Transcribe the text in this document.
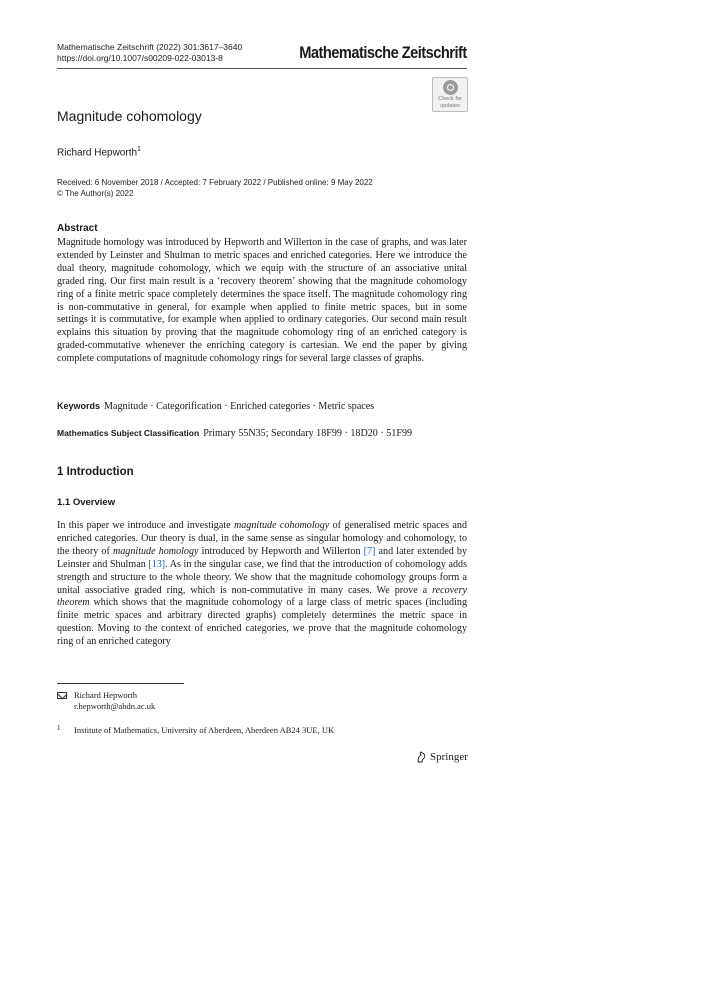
Mathematische Zeitschrift (2022) 301:3617–3640
https://doi.org/10.1007/s00209-022-03013-8	Mathematische Zeitschrift
Check for
updates
Magnitude cohomology
Richard Hepworth$^1$
Received: 6 November 2018 / Accepted: 7 February 2022 / Published online: 9 May 2022
© The Author(s) 2022
Abstract
Magnitude homology was introduced by Hepworth and Willerton in the case of graphs, and was later extended by Leinster and Shulman to metric spaces and enriched categories. Here we introduce the dual theory, magnitude cohomology, which we equip with the structure of an associative unital graded ring. Our first main result is a ‘recovery theorem’ showing that the magnitude cohomology ring of a finite metric space completely determines the space itself. The magnitude cohomology ring is non-commutative in general, for example when applied to finite metric spaces, but in some settings it is commutative, for example when applied to ordinary categories. Our second main result explains this situation by proving that the magnitude cohomology ring of an enriched category is graded-commutative whenever the enriching category is cartesian. We end the paper by giving complete computations of magnitude cohomology rings for several large classes of graphs.
Keywords Magnitude · Categorification · Enriched categories · Metric spaces
Mathematics Subject Classification Primary 55N35; Secondary 18F99 · 18D20 · 51F99
1 Introduction
1.1 Overview
In this paper we introduce and investigate magnitude cohomology of generalised metric spaces and enriched categories. Our theory is dual, in the same sense as singular homology and cohomology, to the theory of magnitude homology introduced by Hepworth and Willerton [7] and later extended by Leinster and Shulman [13]. As in the singular case, we find that the introduction of cohomology adds strength and structure to the whole theory. We show that the magnitude cohomology groups form a unital associative graded ring, which is non-commutative in many cases. We prove a recovery theorem which shows that the magnitude cohomology of a large class of metric spaces (including finite metric spaces and arbitrary directed graphs) completely determines the metric space in question. Moving to the context of enriched categories, we prove that the magnitude cohomology ring of an enriched category
Richard Hepworth
r.hepworth@abdn.ac.uk
1 Institute of Mathematics, University of Aberdeen, Aberdeen AB24 3UE, UK
Springer
